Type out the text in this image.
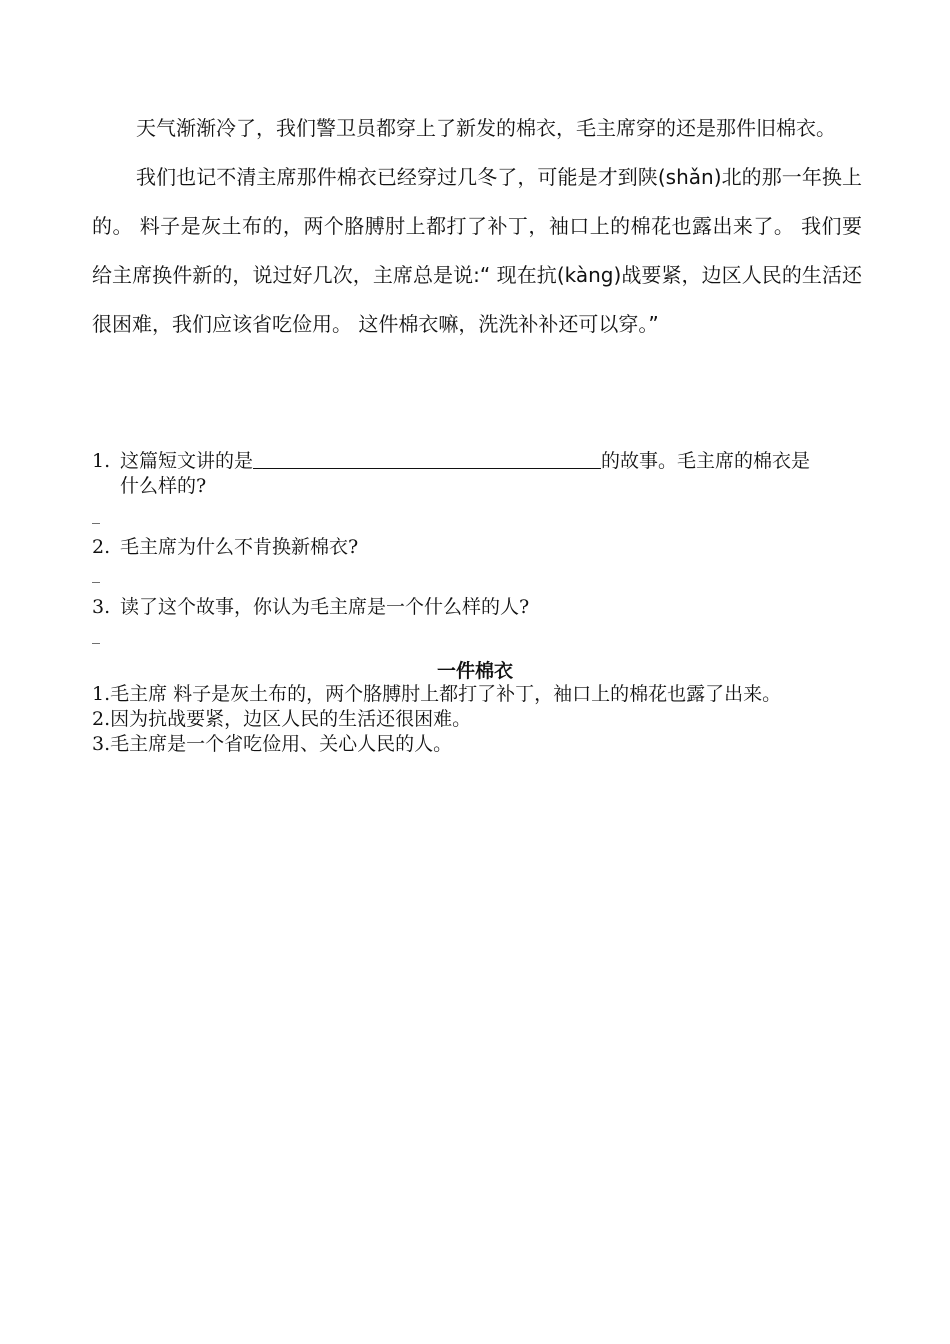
天气渐渐冷了，我们警卫员都穿上了新发的棉衣，毛主席穿的还是那件旧棉衣。

我们也记不清主席那件棉衣已经穿过几冬了，可能是才到陕(shǎn)北的那一年换上的。 料子是灰土布的，两个胳膊肘上都打了补丁，袖口上的棉花也露出来了。 我们要给主席换件新的，说过好几次，主席总是说:“ 现在抗(kàng)战要紧，边区人民的生活还很困难，我们应该省吃俭用。 这件棉衣嘛，洗洗补补还可以穿。”

1. 这篇短文讲的是	的故事。毛主席的棉衣是
什么样的?
_
2. 毛主席为什么不肯换新棉衣?
_
3. 读了这个故事，你认为毛主席是一个什么样的人?
_
一件棉衣
1.毛主席 料子是灰土布的，两个胳膊肘上都打了补丁，袖口上的棉花也露了出来。
2.因为抗战要紧，边区人民的生活还很困难。
3.毛主席是一个省吃俭用、关心人民的人。
